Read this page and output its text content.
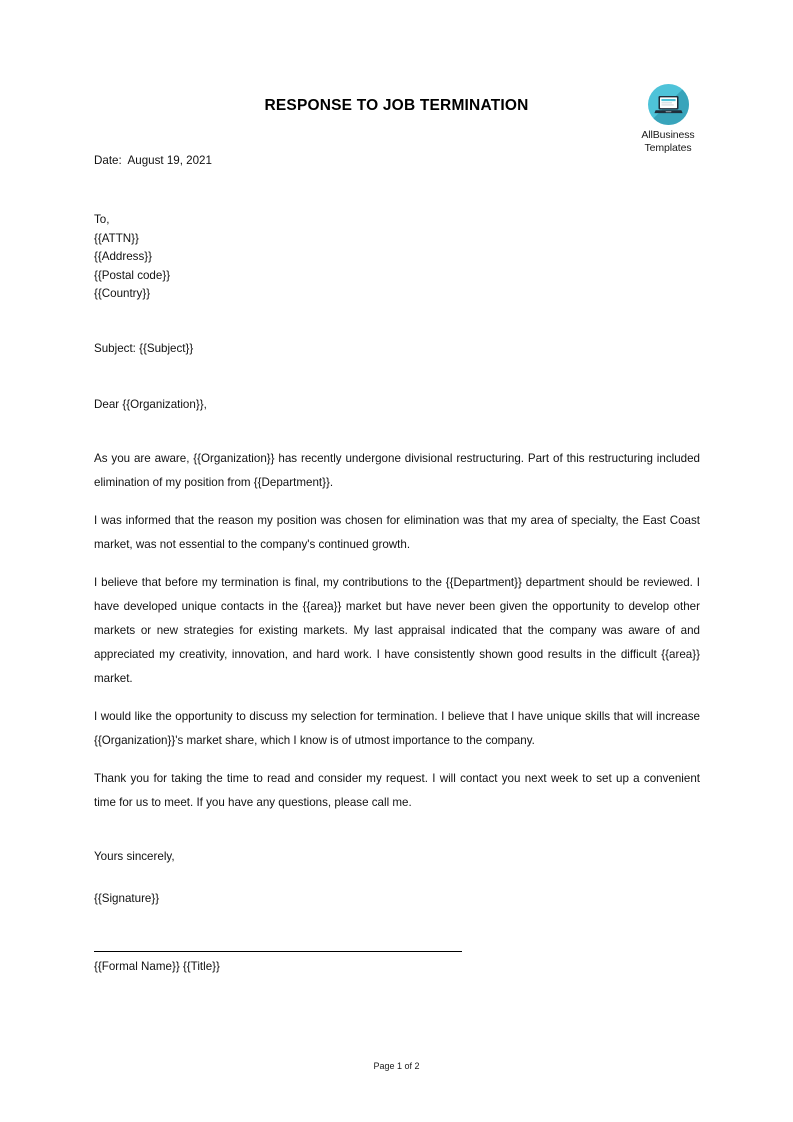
AllBusiness
Templates
RESPONSE TO JOB TERMINATION
Date:  August 19, 2021
To,
{{ATTN}}
{{Address}}
{{Postal code}}
{{Country}}
Subject: {{Subject}}
Dear {{Organization}},

As you are aware, {{Organization}} has recently undergone divisional restructuring. Part of this restructuring included elimination of my position from {{Department}}.

I was informed that the reason my position was chosen for elimination was that my area of specialty, the East Coast market, was not essential to the company's continued growth.

I believe that before my termination is final, my contributions to the {{Department}} department should be reviewed. I have developed unique contacts in the {{area}} market but have never been given the opportunity to develop other markets or new strategies for existing markets. My last appraisal indicated that the company was aware of and appreciated my creativity, innovation, and hard work. I have consistently shown good results in the difficult {{area}} market.

I would like the opportunity to discuss my selection for termination. I believe that I have unique skills that will increase {{Organization}}'s market share, which I know is of utmost importance to the company.

Thank you for taking the time to read and consider my request. I will contact you next week to set up a convenient time for us to meet. If you have any questions, please call me.

Yours sincerely,
{{Signature}}
{{Formal Name}} {{Title}}
Page 1 of 2
